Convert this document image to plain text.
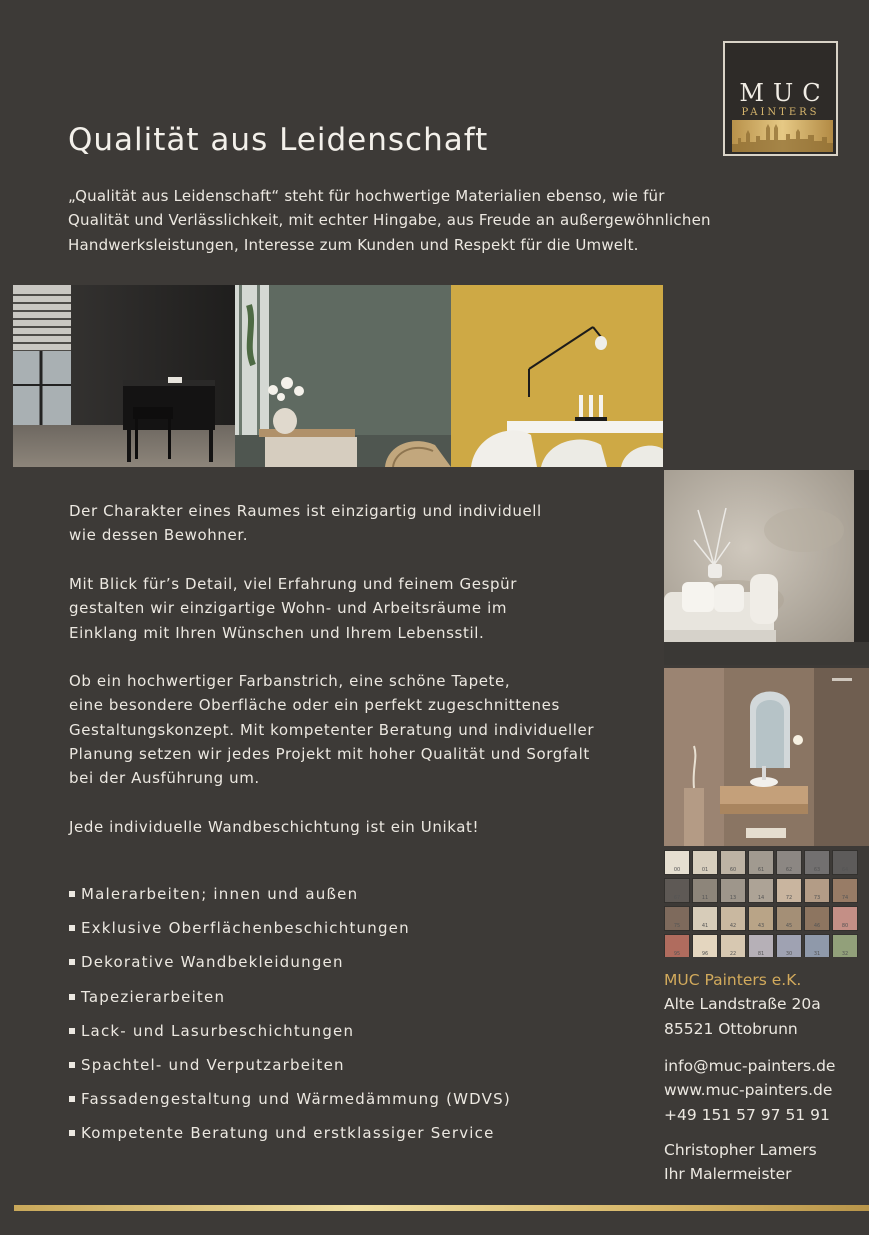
MUC
PAINTERS
Qualität aus Leidenschaft
„Qualität aus Leidenschaft“ steht für hochwertige Materialien ebenso, wie für
Qualität und Verlässlichkeit, mit echter Hingabe, aus Freude an außergewöhnlichen
Handwerksleistungen, Interesse zum Kunden und Respekt für die Umwelt.
00	01	60	61	62	63	64
67	11	13	14	72	73	74
75	41	42	43	45	46	80
95	96	22	81	30	31	32
Der Charakter eines Raumes ist einzigartig und individuell
wie dessen Bewohner.
Mit Blick für’s Detail, viel Erfahrung und feinem Gespür
gestalten wir einzigartige Wohn- und Arbeitsräume im
Einklang mit Ihren Wünschen und Ihrem Lebensstil.
Ob ein hochwertiger Farbanstrich, eine schöne Tapete,
eine besondere Oberfläche oder ein perfekt zugeschnittenes
Gestaltungskonzept. Mit kompetenter Beratung und individueller
Planung setzen wir jedes Projekt mit hoher Qualität und Sorgfalt
bei der Ausführung um.
Jede individuelle Wandbeschichtung ist ein Unikat!
Malerarbeiten; innen und außen
Exklusive Oberflächenbeschichtungen
Dekorative Wandbekleidungen
Tapezierarbeiten
Lack- und Lasurbeschichtungen
Spachtel- und Verputzarbeiten
Fassadengestaltung und Wärmedämmung (WDVS)
Kompetente Beratung und erstklassiger Service
MUC Painters e.K.
Alte Landstraße 20a
85521 Ottobrunn
info@muc-painters.de
www.muc-painters.de
+49 151 57 97 51 91
Christopher Lamers
Ihr Malermeister
